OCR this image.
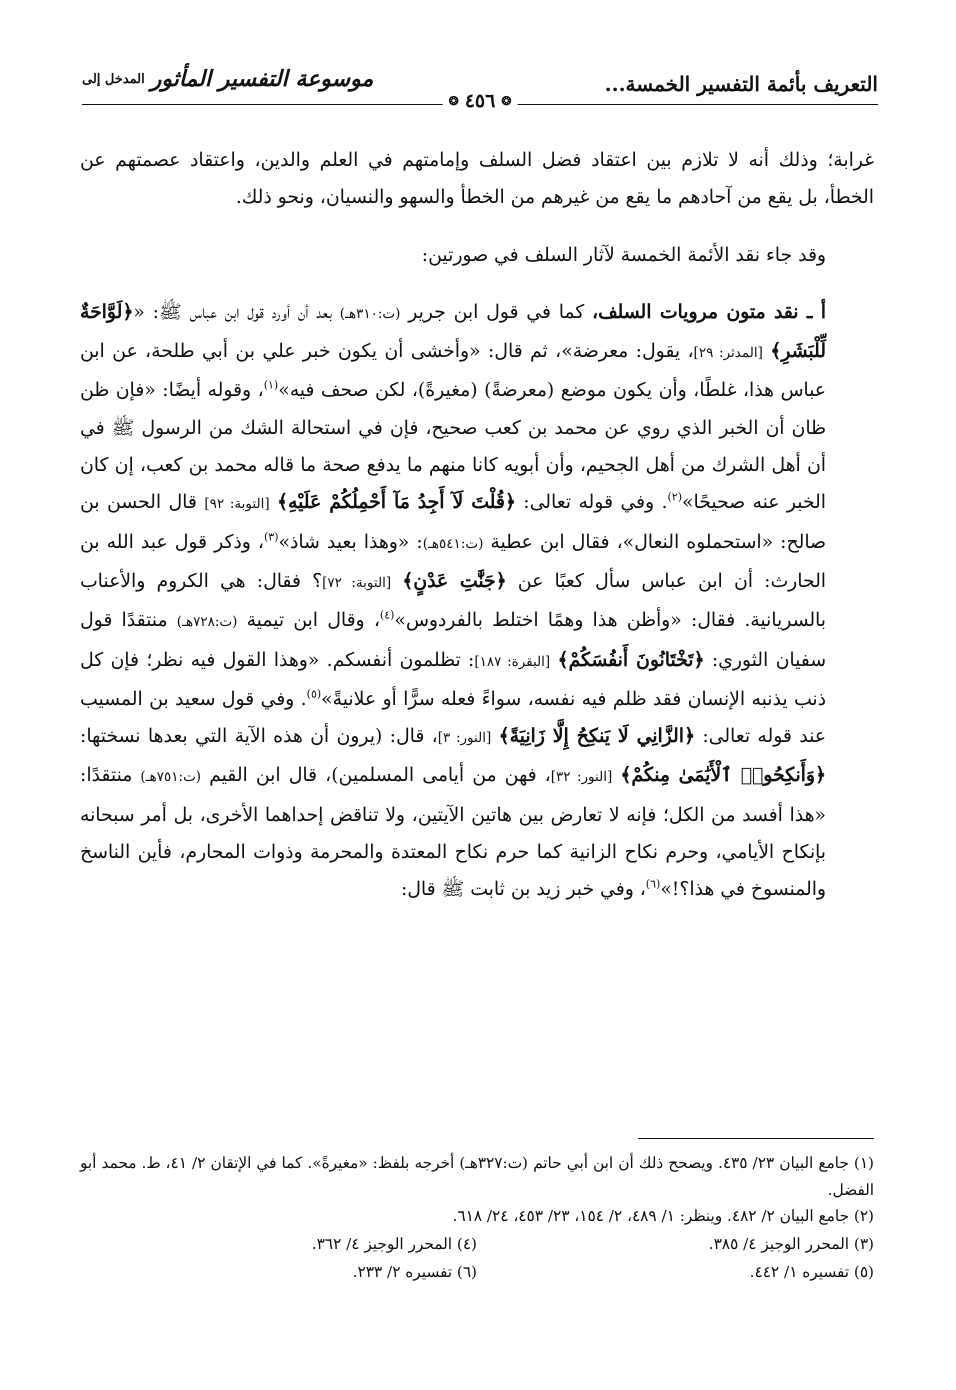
التعريف بأئمة التفسير الخمسة...
موسوعة التفسير المأثور
المدخل إلى
❂
٤٥٦
❂

غرابة؛ وذلك أنه لا تلازم بين اعتقاد فضل السلف وإمامتهم في العلم والدين، واعتقاد عصمتهم عن الخطأ، بل يقع من آحادهم ما يقع من غيرهم من الخطأ والسهو والنسيان، ونحو ذلك.

وقد جاء نقد الأئمة الخمسة لآثار السلف في صورتين:

أ ـ نقد متون مرويات السلف، كما في قول ابن جرير (ت:٣١٠هـ) بعد أن أورد قول ابن عباس ﷺ: «﴿لَوَّاحَةٌ لِّلْبَشَرِ﴾ [المدثر: ٢٩]، يقول: معرضة»، ثم قال: «وأخشى أن يكون خبر علي بن أبي طلحة، عن ابن عباس هذا، غلطًا، وأن يكون موضع (معرضةً) (مغيرةً)، لكن صحف فيه»$^{(١)}$، وقوله أيضًا: «فإن ظن ظان أن الخبر الذي روي عن محمد بن كعب صحيح، فإن في استحالة الشك من الرسول ﷺ في أن أهل الشرك من أهل الجحيم، وأن أبويه كانا منهم ما يدفع صحة ما قاله محمد بن كعب، إن كان الخبر عنه صحيحًا»$^{(٢)}$. وفي قوله تعالى: ﴿قُلْتَ لَآ أَجِدُ مَآ أَحْمِلُكُمْ عَلَيْهِ﴾ [التوبة: ٩٢] قال الحسن بن صالح: «استحملوه النعال»، فقال ابن عطية (ت:٥٤١هـ): «وهذا بعيد شاذ»$^{(٣)}$، وذكر قول عبد الله بن الحارث: أن ابن عباس سأل كعبًا عن ﴿جَنَّٰتِ عَدْنٍ﴾ [التوبة: ٧٢]؟ فقال: هي الكروم والأعناب بالسريانية. فقال: «وأظن هذا وهمًا اختلط بالفردوس»$^{(٤)}$، وقال ابن تيمية (ت:٧٢٨هـ) منتقدًا قول سفيان الثوري: ﴿تَخْتَانُونَ أَنفُسَكُمْ﴾ [البقرة: ١٨٧]: تظلمون أنفسكم. «وهذا القول فيه نظر؛ فإن كل ذنب يذنبه الإنسان فقد ظلم فيه نفسه، سواءً فعله سرًّا أو علانيةً»$^{(٥)}$. وفي قول سعيد بن المسيب عند قوله تعالى: ﴿الزَّانِي لَا يَنكِحُ إِلَّا زَانِيَةً﴾ [النور: ٣]، قال: (يرون أن هذه الآية التي بعدها نسختها: ﴿وَأَنكِحُوا۟ ٱلْأَيَٰمَىٰ مِنكُمْ﴾ [النور: ٣٢]، فهن من أيامى المسلمين)، قال ابن القيم (ت:٧٥١هـ) منتقدًا: «هذا أفسد من الكل؛ فإنه لا تعارض بين هاتين الآيتين، ولا تناقض إحداهما الأخرى، بل أمر سبحانه بإنكاح الأيامي، وحرم نكاح الزانية كما حرم نكاح المعتدة والمحرمة وذوات المحارم، فأين الناسخ والمنسوخ في هذا؟!»$^{(٦)}$، وفي خبر زيد بن ثابت ﷺ قال:

(١) جامع البيان ٢٣/ ٤٣٥. ويصحح ذلك أن ابن أبي حاتم (ت:٣٢٧هـ) أخرجه بلفظ: «مغيرةً». كما في الإتقان ٢/ ٤١، ط. محمد أبو الفضل.

(٢) جامع البيان ٢/ ٤٨٢. وينظر: ١/ ٤٨٩، ٢/ ١٥٤، ٢٣/ ٤٥٣، ٢٤/ ٦١٨.

(٣) المحرر الوجيز ٤/ ٣٨٥.
(٤) المحرر الوجيز ٤/ ٣٦٢.
(٥) تفسيره ١/ ٤٤٢.
(٦) تفسيره ٢/ ٢٣٣.
